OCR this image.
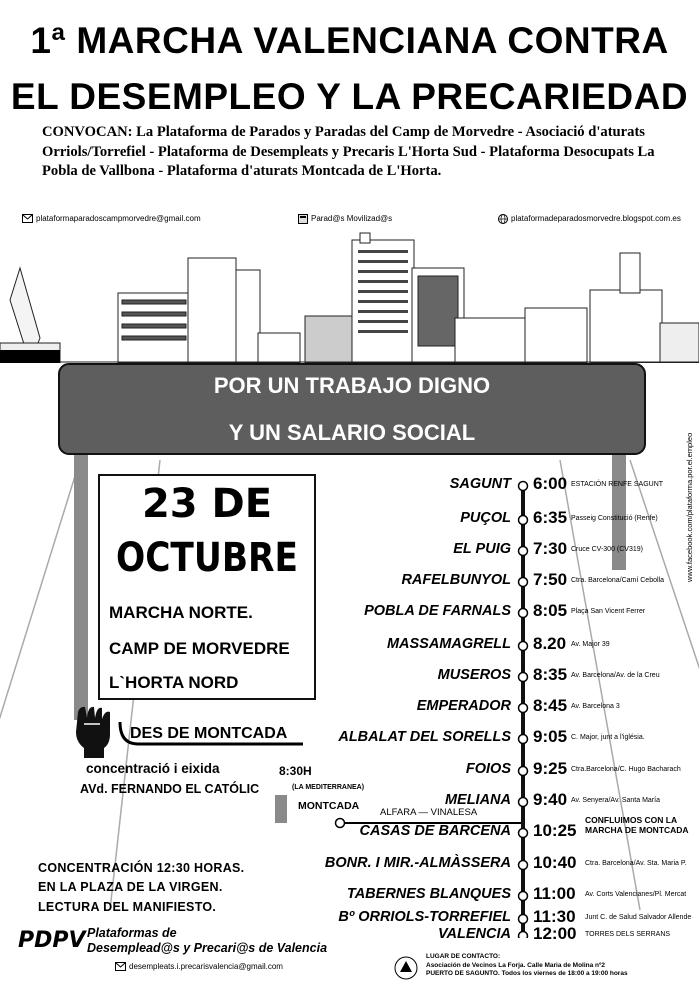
1ª MARCHA VALENCIANA CONTRA
EL DESEMPLEO Y LA PRECARIEDAD
CONVOCAN: La Plataforma de Parados y Paradas del Camp de Morvedre - Asociació d'aturats Orriols/Torrefiel - Plataforma de Desempleats y Precaris L'Horta Sud - Plataforma Desocupats La Pobla de Vallbona - Plataforma d'aturats Montcada de L'Horta.
plataformaparadoscampmorvedre@gmail.com	Parad@s Movilizad@s	plataformadeparadosmorvedre.blogspot.com.es
POR UN TRABAJO DIGNO
Y UN SALARIO SOCIAL
23 DE
OCTUBRE
MARCHA NORTE.
CAMP DE MORVEDRE
L`HORTA NORD
DES DE MONTCADA
concentració i eixida	8:30H
AVd. FERNANDO EL CATÓLIC	(LA MEDITERRANEA)
MONTCADA
ALFARA — VINALESA
SAGUNT 6:00 ESTACIÓN RENFE SAGUNT
PUÇOL 6:35 Passeig Constitució (Renfe)
EL PUIG 7:30 Cruce CV-300 (CV319)
RAFELBUNYOL 7:50 Ctra. Barcelona/Camí Cebolla
POBLA DE FARNALS 8:05 Plaça San Vicent Ferrer
MASSAMAGRELL 8.20 Av. Major 39
MUSEROS 8:35 Av. Barcelona/Av. de la Creu
EMPERADOR 8:45 Av. Barcelona 3
ALBALAT DEL SORELLS 9:05 C. Major, junt a l'iglésia.
FOIOS 9:25 Ctra.Barcelona/C. Hugo Bacharach
MELIANA 9:40 Av. Senyera/Av. Santa María
CASAS DE BARCENA 10:25
CONFLUIMOS CON LA MARCHA DE MONTCADA
BONR. I MIR.-ALMÀSSERA 10:40 Ctra. Barcelona/Av. Sta. Maria P.
TABERNES BLANQUES 11:00 Av. Corts Valencianes/Pl. Mercat
Bº ORRIOLS-TORREFIEL 11:30 Junt C. de Salud Salvador Allende
VALENCIA 12:00 TORRES DELS SERRANS
CONCENTRACIÓN 12:30 HORAS.
EN LA PLAZA DE LA VIRGEN.
LECTURA DEL MANIFIESTO.
PDPV Plataformas de
Desemplead@s y Precari@s de Valencia
desempleats.i.precarisvalencia@gmail.com
LUGAR DE CONTACTO:
Asociación de Vecinos La Forja. Calle Maria de Molina nº2
PUERTO DE SAGUNTO. Todos los viernes de 18:00 a 19:00 horas
www.facebook.com/plataforma.por.el.empleo
